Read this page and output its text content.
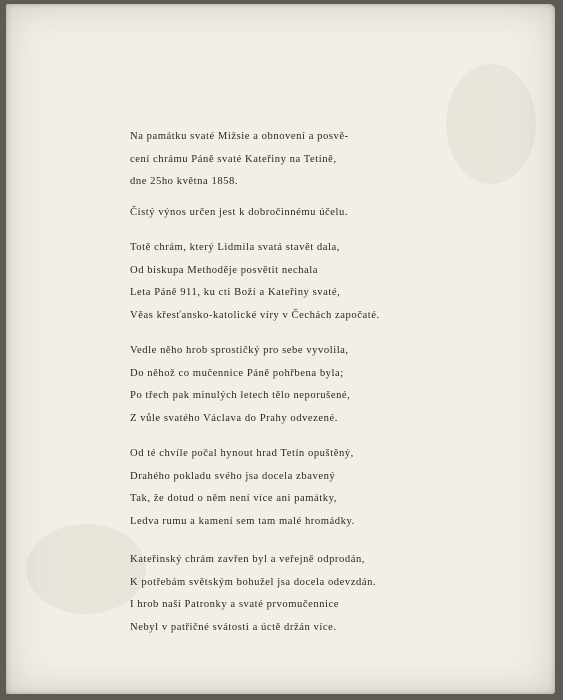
Na památku svaté Mižsie a obnovení a posvě-
cení chrámu Páně svaté Kateřiny na Tetíně,
dne 25ho května 1858.
Čistý výnos určen jest k dobročinnému účelu.
Totě chrám, který Lidmila svatá stavět dala,
Od biskupa Methoděje posvětit nechala
Leta Páně 911, ku cti Boží a Kateřiny svaté,
Věas křesťansko-katolické víry v Čechách započaté.
Vedle něho hrob sprostičký pro sebe vyvolila,
Do něhož co mučennice Páně pohřbena byla;
Po třech pak minulých letech tělo neporušené,
Z vůle svatého Václava do Prahy odvezené.
Od té chvíle počal hynout hrad Tetín opuštěný,
Drahého pokladu svého jsa docela zbavený
Tak, že dotud o něm není více ani památky,
Ledva rumu a kamení sem tam malé hromádky.
Kateřinský chrám zavřen byl a veřejně odprodán,
K potřebám světským bohužel jsa docela odevzdán.
I hrob naší Patronky a svaté prvomučennice
Nebyl v patřičné svátosti a úctě držán více.
